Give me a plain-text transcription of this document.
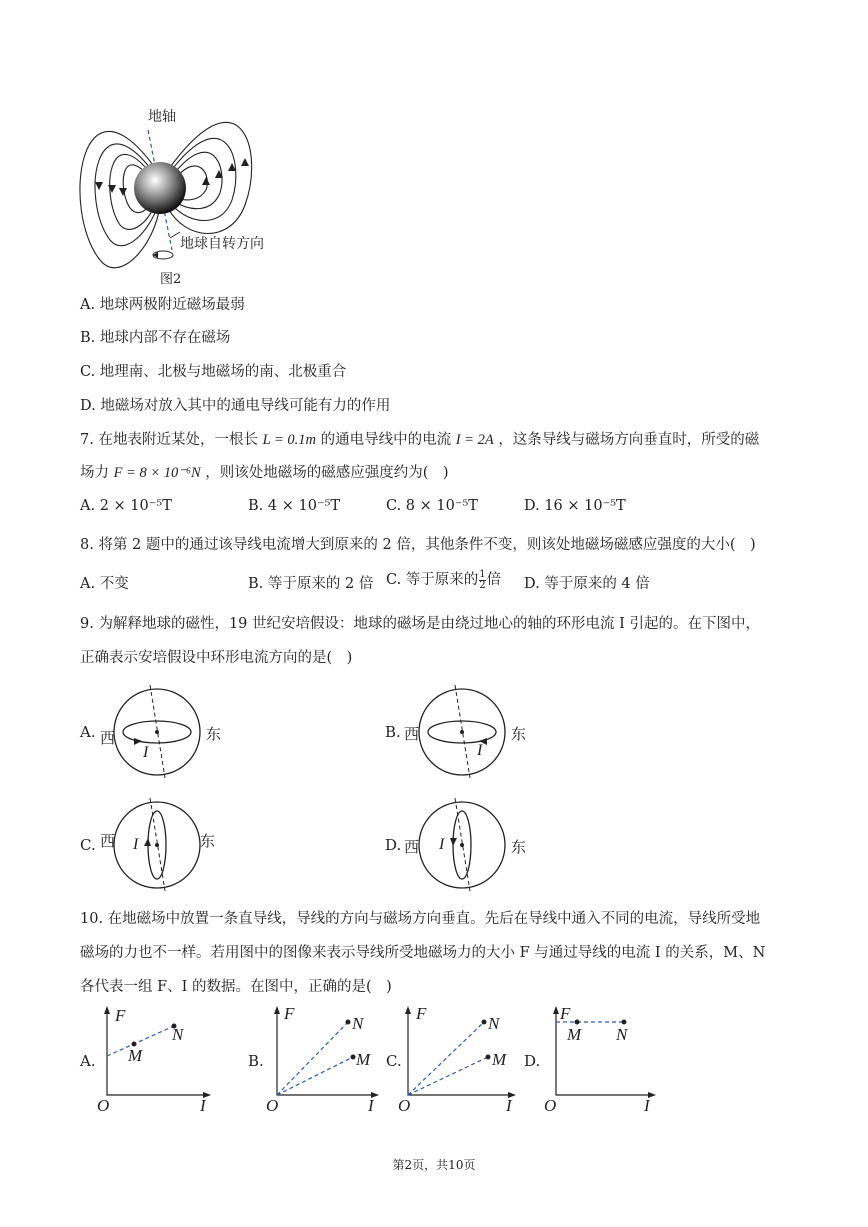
地轴
地球自转方向
图2
A. 地球两极附近磁场最弱
B. 地球内部不存在磁场
C. 地理南、北极与地磁场的南、北极重合
D. 地磁场对放入其中的通电导线可能有力的作用
7. 在地表附近某处，一根长 L = 0.1m 的通电导线中的电流 I = 2A ，这条导线与磁场方向垂直时，所受的磁
场力 F = 8 × 10⁻⁶N ，则该处地磁场的磁感应强度约为(　)
A. 2 × 10⁻⁵T	B. 4 × 10⁻⁵T	C. 8 × 10⁻⁵T	D. 16 × 10⁻⁵T
8. 将第 2 题中的通过该导线电流增大到原来的 2 倍，其他条件不变，则该处地磁场磁感应强度的大小(　)
A. 不变	B. 等于原来的 2 倍 C. 等于原来的 $\frac{1}{2}$ 倍 D. 等于原来的 4 倍
9. 为解释地球的磁性，19 世纪安培假设：地球的磁场是由绕过地心的轴的环形电流 I 引起的。在下图中，
正确表示安培假设中环形电流方向的是(　)
A. 西	东
I
B. 西	东
I
C. 西	东
I	D. 西	东
I
10. 在地磁场中放置一条直导线，导线的方向与磁场方向垂直。先后在导线中通入不同的电流，导线所受地
磁场的力也不一样。若用图中的图像来表示导线所受地磁场力的大小 F 与通过导线的电流 I 的关系，M、N
各代表一组 F、I 的数据。在图中，正确的是(　)
A.
F
I
O
M
N
B.
F
I
O
N
M C.
F
I
O
N
M D.
F
I
O
M N
第2页，共10页
